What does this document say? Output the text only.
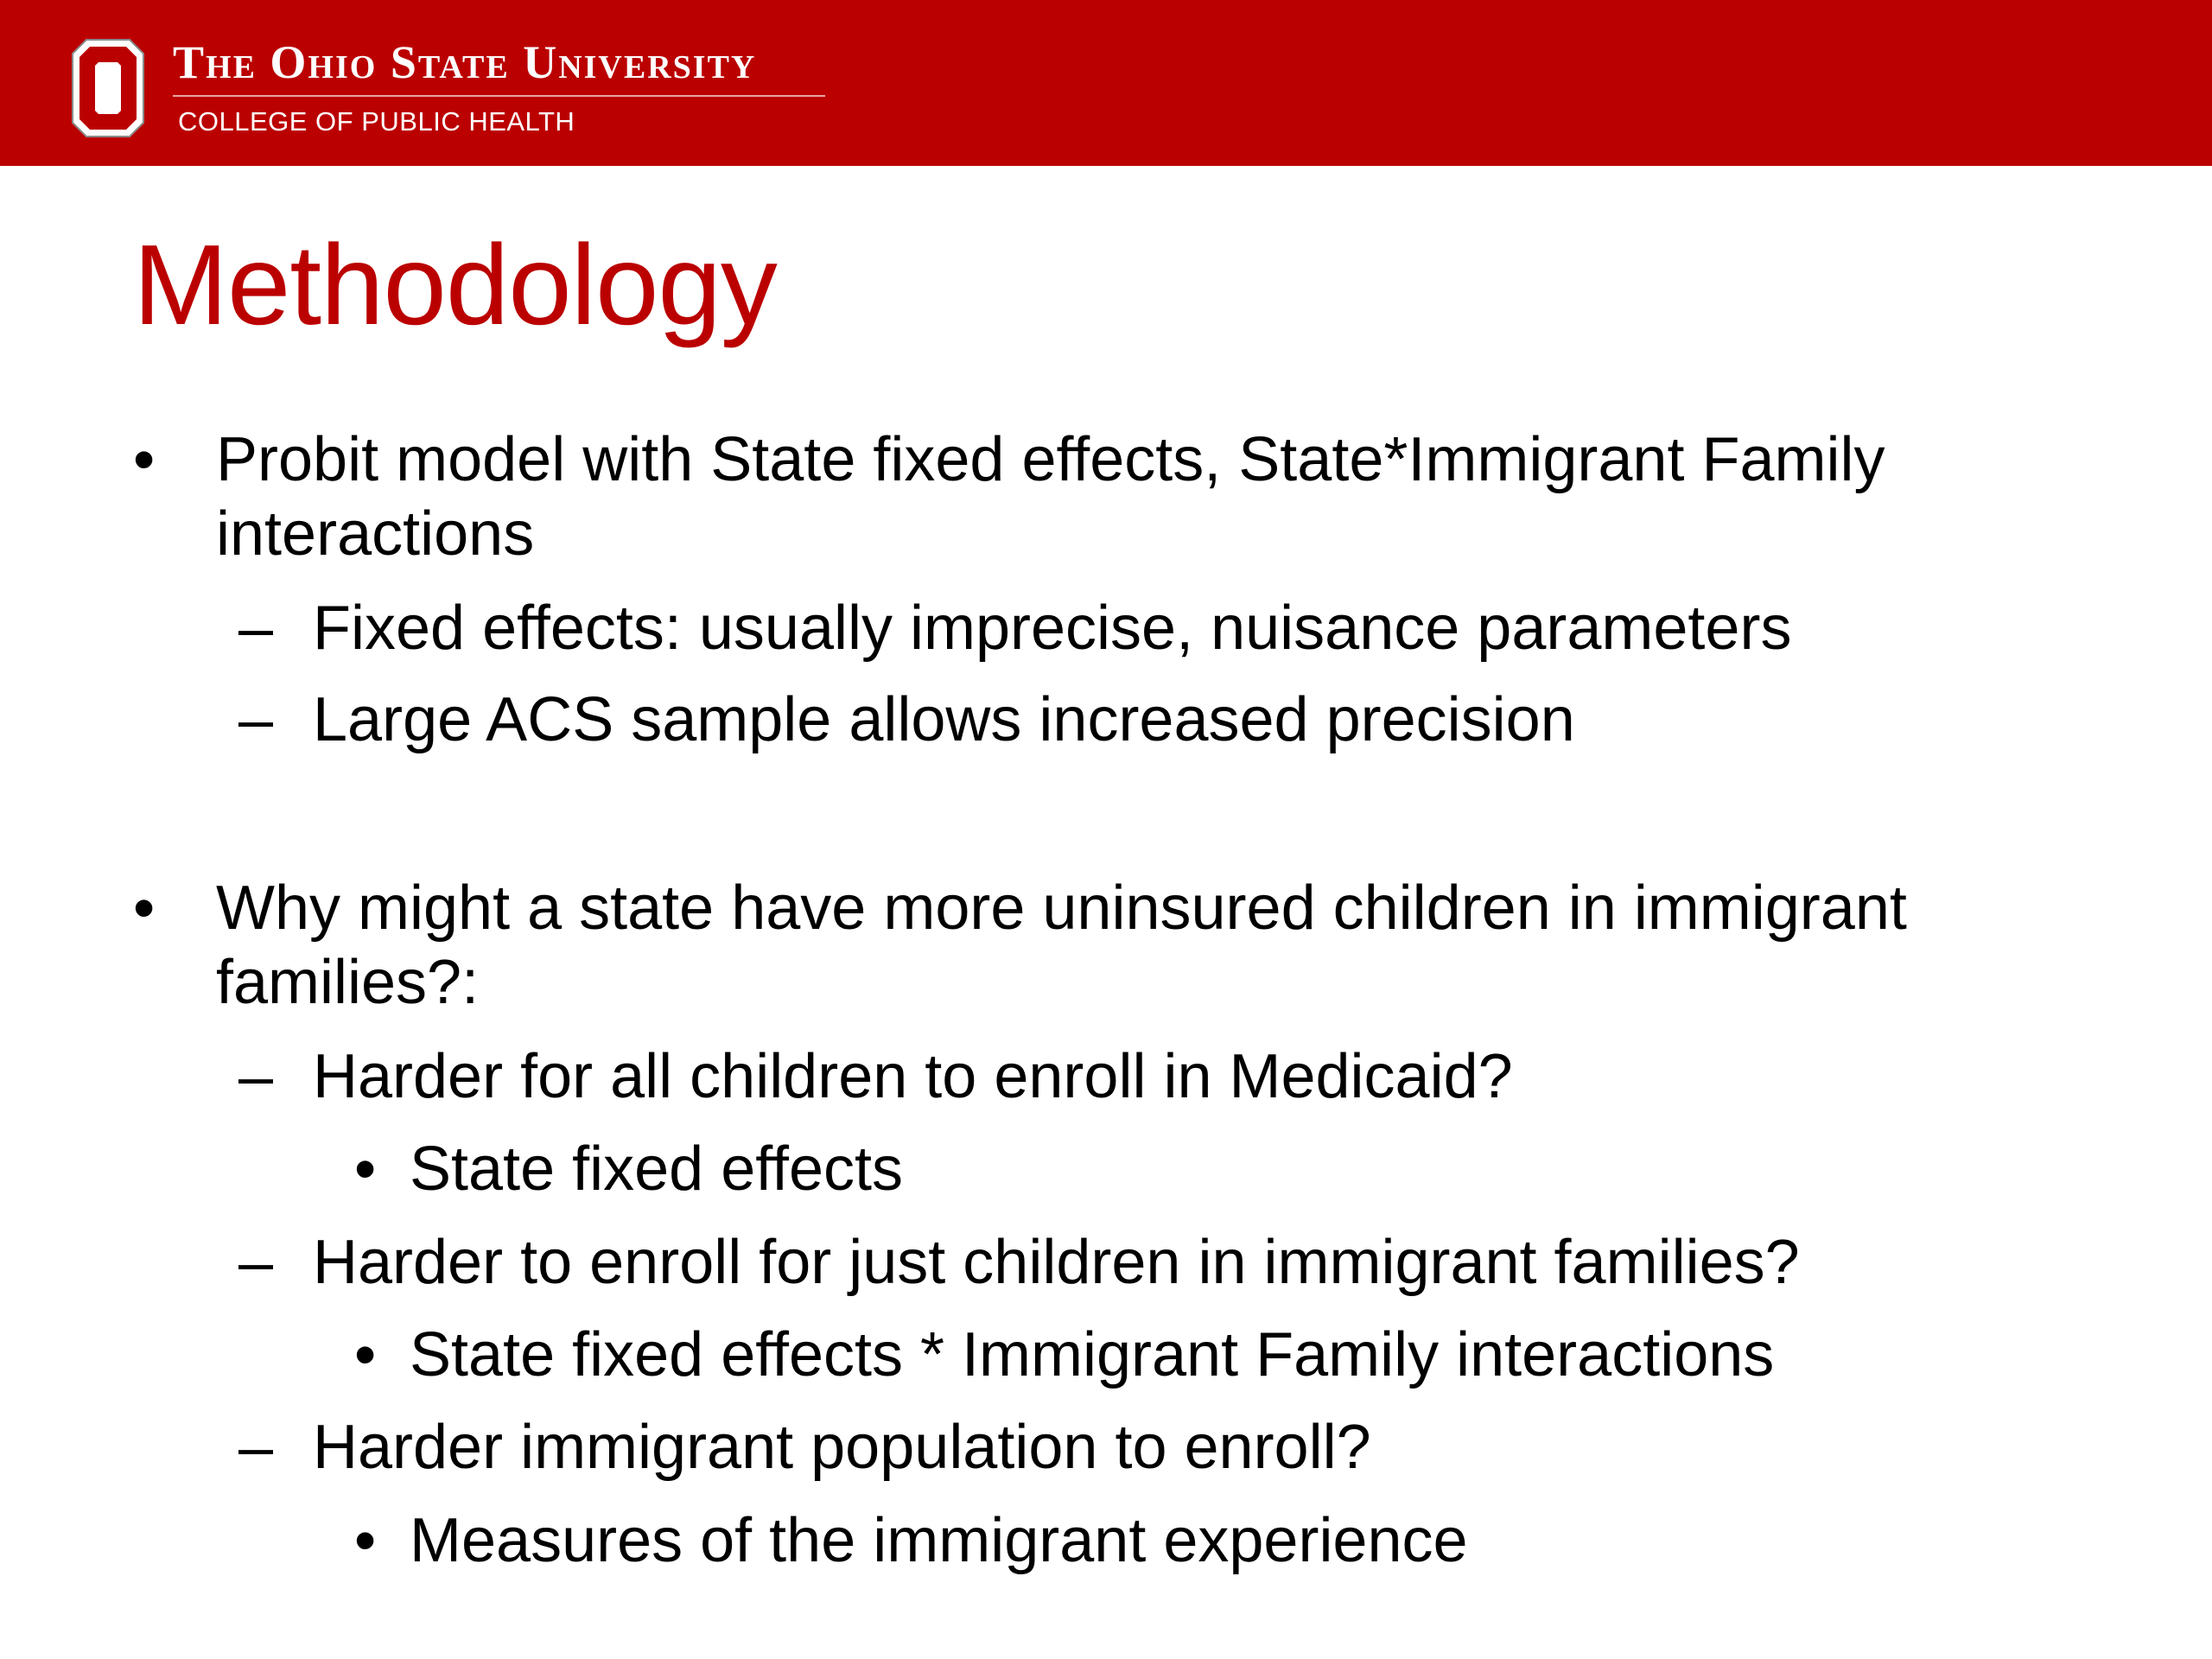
The Ohio State University
COLLEGE OF PUBLIC HEALTH
Methodology
• Probit model with State fixed effects, State*Immigrant Family
interactions
– Fixed effects: usually imprecise, nuisance parameters
– Large ACS sample allows increased precision
• Why might a state have more uninsured children in immigrant
families?:
– Harder for all children to enroll in Medicaid?
• State fixed effects
– Harder to enroll for just children in immigrant families?
• State fixed effects * Immigrant Family interactions
– Harder immigrant population to enroll?
• Measures of the immigrant experience
